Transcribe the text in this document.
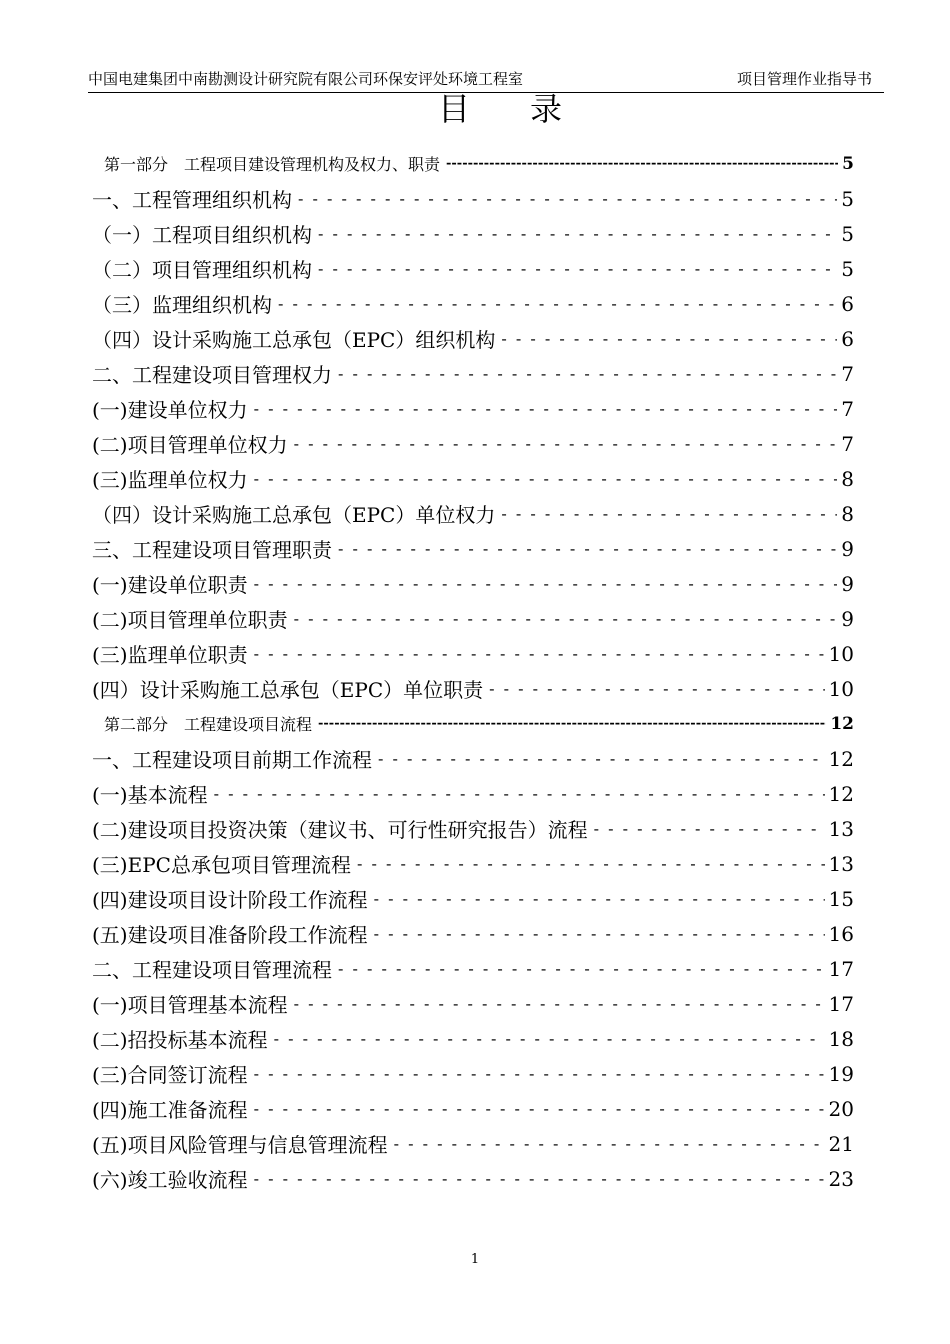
中国电建集团中南勘测设计研究院有限公司环保安评处环境工程室	项目管理作业指导书
目录
第一部分　工程项目建设管理机构及权力、职责 -----	5
一、工程管理组织机构 - - -	5
（一）工程项目组织机构 - - -	5
（二）项目管理组织机构 - - -	5
（三）监理组织机构 - - -	6
（四）设计采购施工总承包（EPC）组织机构 - - -	6
二、工程建设项目管理权力 - - -	7
(一)建设单位权力 - - -	7
(二)项目管理单位权力 - - -	7
(三)监理单位权力 - - -	8
（四）设计采购施工总承包（EPC）单位权力 - - -	8
三、工程建设项目管理职责 - - -	9
(一)建设单位职责 - - -	9
(二)项目管理单位职责 - - -	9
(三)监理单位职责 - - -	10
(四）设计采购施工总承包（EPC）单位职责 - - -	10
第二部分　工程建设项目流程 -----	12
一、工程建设项目前期工作流程 - - -	12
(一)基本流程 - - -	12
(二)建设项目投资决策（建议书、可行性研究报告）流程 - - -	13
(三)EPC总承包项目管理流程 - - -	13
(四)建设项目设计阶段工作流程 - - -	15
(五)建设项目准备阶段工作流程 - - -	16
二、工程建设项目管理流程 - - -	17
(一)项目管理基本流程 - - -	17
(二)招投标基本流程 - - -	18
(三)合同签订流程 - - -	19
(四)施工准备流程 - - -	20
(五)项目风险管理与信息管理流程 - - -	21
(六)竣工验收流程 - - -	23
1
